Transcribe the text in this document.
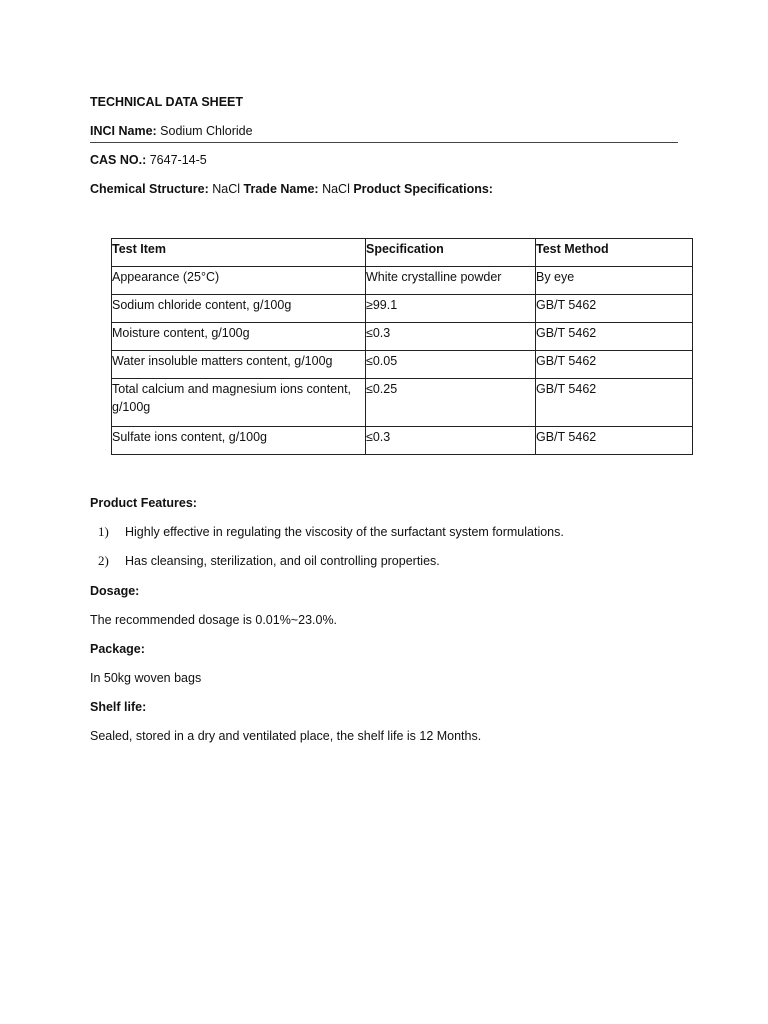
TECHNICAL DATA SHEET
INCI Name: Sodium Chloride
CAS NO.: 7647-14-5
Chemical Structure: NaCl Trade Name: NaCl Product Specifications:
Test Item	Specification	Test Method
Appearance (25°C)	White crystalline powder	By eye
Sodium chloride content, g/100g	≥99.1	GB/T 5462
Moisture content, g/100g	≤0.3	GB/T 5462
Water insoluble matters content, g/100g	≤0.05	GB/T 5462
Total calcium and magnesium ions content, g/100g	≤0.25	GB/T 5462
Sulfate ions content, g/100g	≤0.3	GB/T 5462
Product Features:
1) Highly effective in regulating the viscosity of the surfactant system formulations.
2) Has cleansing, sterilization, and oil controlling properties.
Dosage:
The recommended dosage is 0.01%~23.0%.
Package:
In 50kg woven bags
Shelf life:
Sealed, stored in a dry and ventilated place, the shelf life is 12 Months.
